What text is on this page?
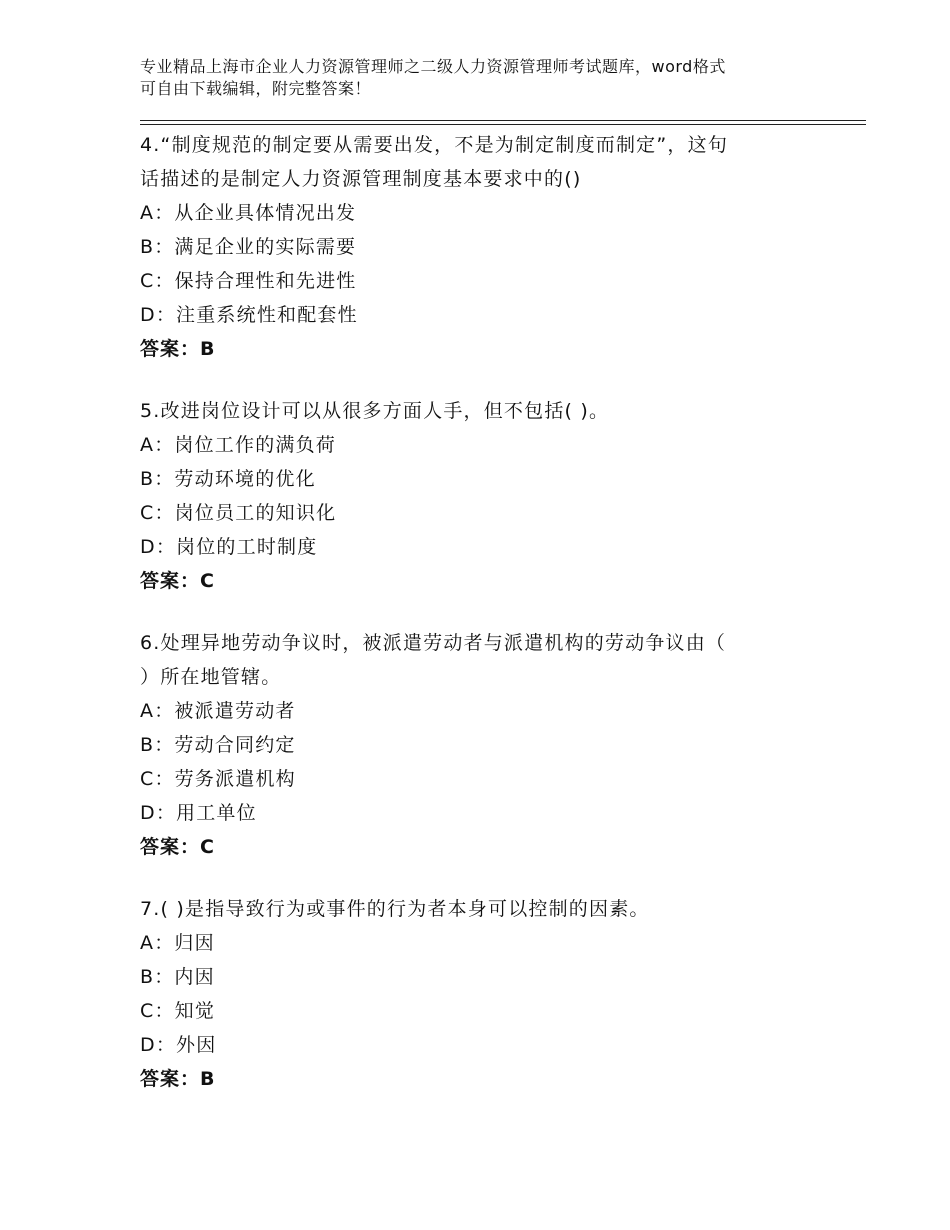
专业精品上海市企业人力资源管理师之二级人力资源管理师考试题库，word格式
可自由下载编辑，附完整答案！
4.“制度规范的制定要从需要出发，不是为制定制度而制定”，这句
话描述的是制定人力资源管理制度基本要求中的()
A：从企业具体情况出发
B：满足企业的实际需要
C：保持合理性和先进性
D：注重系统性和配套性
答案：B
5.改进岗位设计可以从很多方面人手，但不包括( )。
A：岗位工作的满负荷
B：劳动环境的优化
C：岗位员工的知识化
D：岗位的工时制度
答案：C
6.处理异地劳动争议时，被派遣劳动者与派遣机构的劳动争议由（
）所在地管辖。
A：被派遣劳动者
B：劳动合同约定
C：劳务派遣机构
D：用工单位
答案：C
7.( )是指导致行为或事件的行为者本身可以控制的因素。
A：归因
B：内因
C：知觉
D：外因
答案：B
